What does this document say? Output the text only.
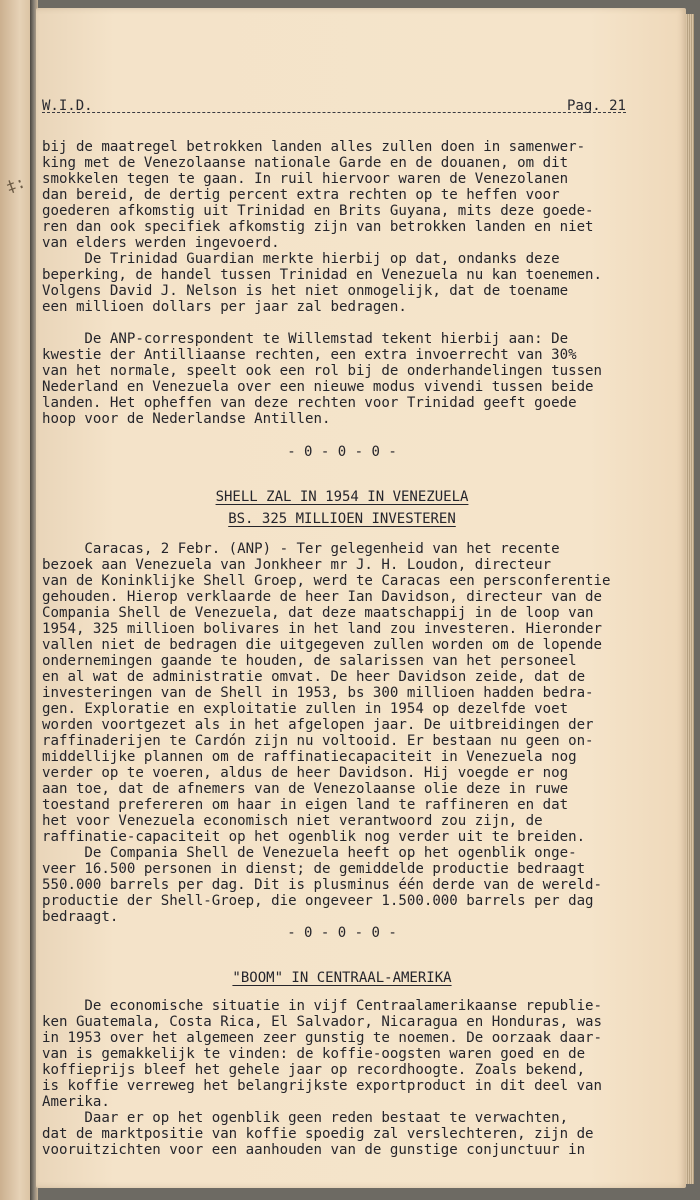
‡:
W.I.D.	Pag. 21
bij de maatregel betrokken landen alles zullen doen in samenwer-
king met de Venezolaanse nationale Garde en de douanen, om dit
smokkelen tegen te gaan. In ruil hiervoor waren de Venezolanen
dan bereid, de dertig percent extra rechten op te heffen voor
goederen afkomstig uit Trinidad en Brits Guyana, mits deze goede-
ren dan ook specifiek afkomstig zijn van betrokken landen en niet
van elders werden ingevoerd.
De Trinidad Guardian merkte hierbij op dat, ondanks deze
beperking, de handel tussen Trinidad en Venezuela nu kan toenemen.
Volgens David J. Nelson is het niet onmogelijk, dat de toename
een millioen dollars per jaar zal bedragen.
De ANP-correspondent te Willemstad tekent hierbij aan: De
kwestie der Antilliaanse rechten, een extra invoerrecht van 30%
van het normale, speelt ook een rol bij de onderhandelingen tussen
Nederland en Venezuela over een nieuwe modus vivendi tussen beide
landen. Het opheffen van deze rechten voor Trinidad geeft goede
hoop voor de Nederlandse Antillen.
- 0 - 0 - 0 -
SHELL ZAL IN 1954 IN VENEZUELA
BS. 325 MILLIOEN INVESTEREN
Caracas, 2 Febr. (ANP) - Ter gelegenheid van het recente
bezoek aan Venezuela van Jonkheer mr J. H. Loudon, directeur
van de Koninklijke Shell Groep, werd te Caracas een persconferentie
gehouden. Hierop verklaarde de heer Ian Davidson, directeur van de
Compania Shell de Venezuela, dat deze maatschappij in de loop van
1954, 325 millioen bolivares in het land zou investeren. Hieronder
vallen niet de bedragen die uitgegeven zullen worden om de lopende
ondernemingen gaande te houden, de salarissen van het personeel
en al wat de administratie omvat. De heer Davidson zeide, dat de
investeringen van de Shell in 1953, bs 300 millioen hadden bedra-
gen. Exploratie en exploitatie zullen in 1954 op dezelfde voet
worden voortgezet als in het afgelopen jaar. De uitbreidingen der
raffinaderijen te Cardón zijn nu voltooid. Er bestaan nu geen on-
middellijke plannen om de raffinatiecapaciteit in Venezuela nog
verder op te voeren, aldus de heer Davidson. Hij voegde er nog
aan toe, dat de afnemers van de Venezolaanse olie deze in ruwe
toestand prefereren om haar in eigen land te raffineren en dat
het voor Venezuela economisch niet verantwoord zou zijn, de
raffinatie-capaciteit op het ogenblik nog verder uit te breiden.
De Compania Shell de Venezuela heeft op het ogenblik onge-
veer 16.500 personen in dienst; de gemiddelde productie bedraagt
550.000 barrels per dag. Dit is plusminus één derde van de wereld-
productie der Shell-Groep, die ongeveer 1.500.000 barrels per dag
bedraagt.
- 0 - 0 - 0 -
"BOOM" IN CENTRAAL-AMERIKA
De economische situatie in vijf Centraalamerikaanse republie-
ken Guatemala, Costa Rica, El Salvador, Nicaragua en Honduras, was
in 1953 over het algemeen zeer gunstig te noemen. De oorzaak daar-
van is gemakkelijk te vinden: de koffie-oogsten waren goed en de
koffieprijs bleef het gehele jaar op recordhoogte. Zoals bekend,
is koffie verreweg het belangrijkste exportproduct in dit deel van
Amerika.
Daar er op het ogenblik geen reden bestaat te verwachten,
dat de marktpositie van koffie spoedig zal verslechteren, zijn de
vooruitzichten voor een aanhouden van de gunstige conjunctuur in
